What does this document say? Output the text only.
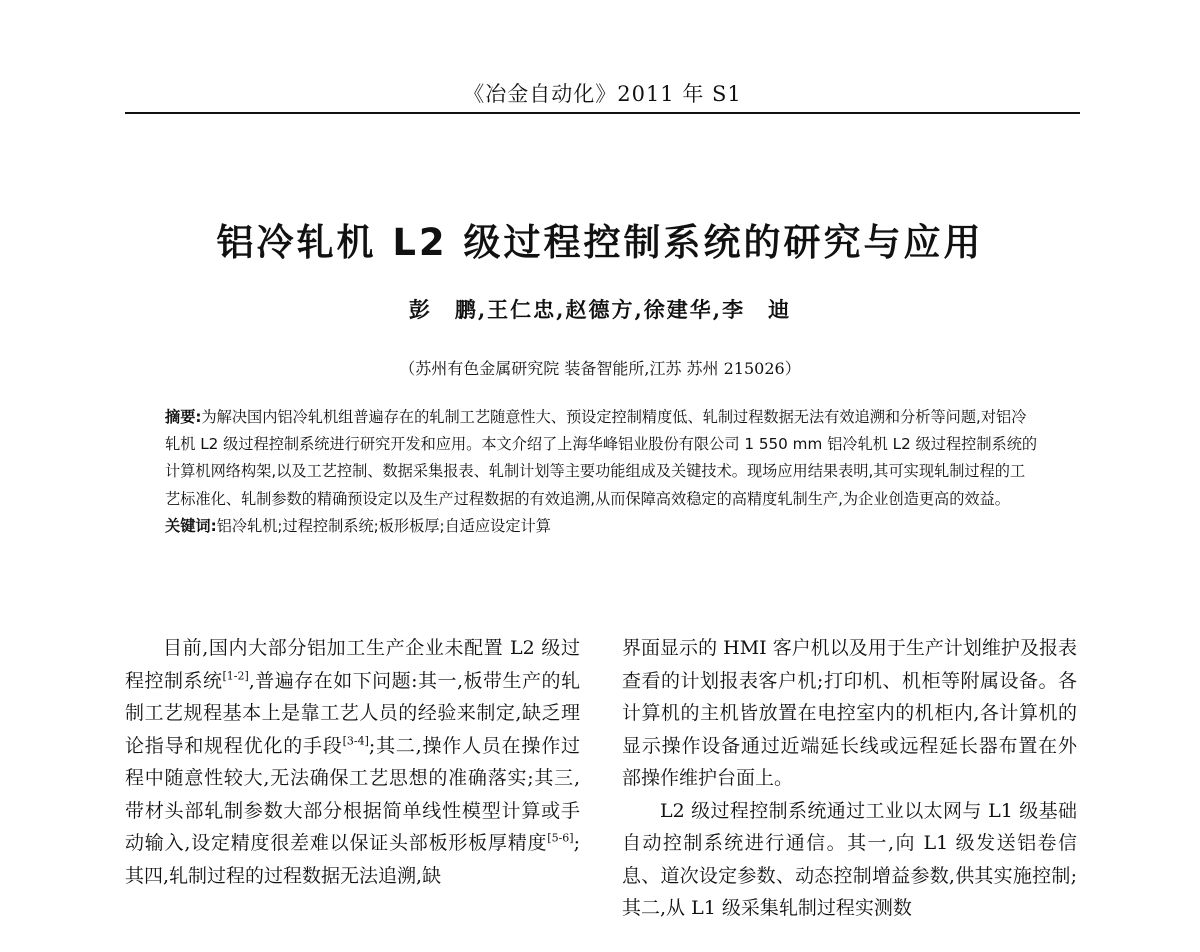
《冶金自动化》2011 年 S1
铝冷轧机 L2 级过程控制系统的研究与应用
彭　鹏,王仁忠,赵德方,徐建华,李　迪
（苏州有色金属研究院 装备智能所,江苏 苏州 215026）

摘要:为解决国内铝冷轧机组普遍存在的轧制工艺随意性大、预设定控制精度低、轧制过程数据无法有效追溯和分析等问题,对铝冷轧机 L2 级过程控制系统进行研究开发和应用。本文介绍了上海华峰铝业股份有限公司 1 550 mm 铝冷轧机 L2 级过程控制系统的计算机网络构架,以及工艺控制、数据采集报表、轧制计划等主要功能组成及关键技术。现场应用结果表明,其可实现轧制过程的工艺标准化、轧制参数的精确预设定以及生产过程数据的有效追溯,从而保障高效稳定的高精度轧制生产,为企业创造更高的效益。

关键词:铝冷轧机;过程控制系统;板形板厚;自适应设定计算

目前,国内大部分铝加工生产企业未配置 L2 级过程控制系统[1-2],普遍存在如下问题:其一,板带生产的轧制工艺规程基本上是靠工艺人员的经验来制定,缺乏理论指导和规程优化的手段[3-4];其二,操作人员在操作过程中随意性较大,无法确保工艺思想的准确落实;其三,带材头部轧制参数大部分根据简单线性模型计算或手动输入,设定精度很差难以保证头部板形板厚精度[5-6];其四,轧制过程的过程数据无法追溯,缺

界面显示的 HMI 客户机以及用于生产计划维护及报表查看的计划报表客户机;打印机、机柜等附属设备。各计算机的主机皆放置在电控室内的机柜内,各计算机的显示操作设备通过近端延长线或远程延长器布置在外部操作维护台面上。

L2 级过程控制系统通过工业以太网与 L1 级基础自动控制系统进行通信。其一,向 L1 级发送铝卷信息、道次设定参数、动态控制增益参数,供其实施控制;其二,从 L1 级采集轧制过程实测数
